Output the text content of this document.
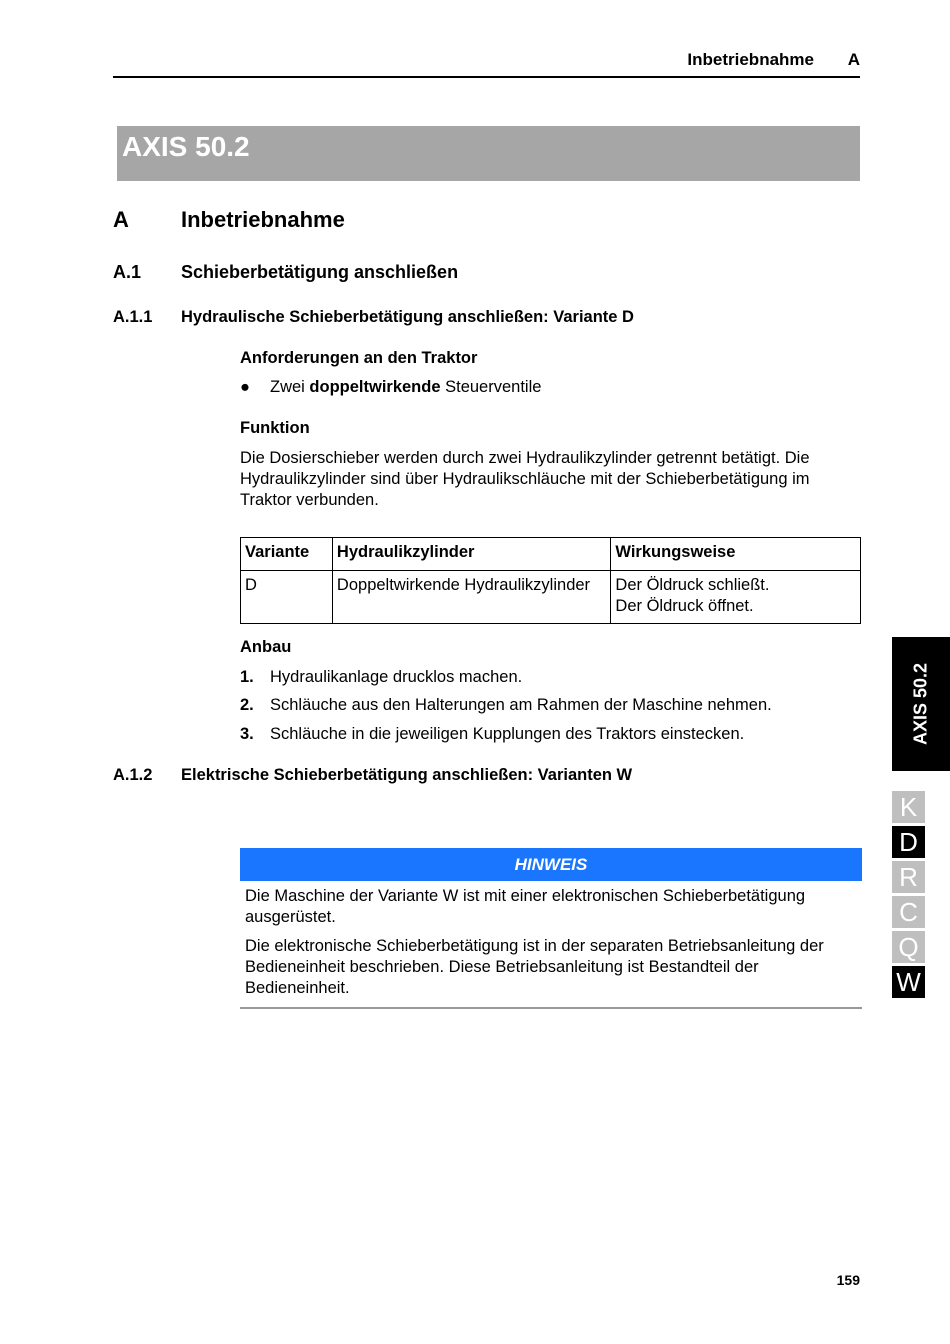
Inbetriebnahme A
AXIS 50.2
A Inbetriebnahme
A.1 Schieberbetätigung anschließen
A.1.1 Hydraulische Schieberbetätigung anschließen: Variante D
Anforderungen an den Traktor
● Zwei doppeltwirkende Steuerventile
Funktion
Die Dosierschieber werden durch zwei Hydraulikzylinder getrennt betätigt. Die Hydraulikzylinder sind über Hydraulikschläuche mit der Schieberbetätigung im Traktor verbunden.
Variante	Hydraulikzylinder	Wirkungsweise
D	Doppeltwirkende Hydraulikzylinder	Der Öldruck schließt.
Der Öldruck öffnet.
Anbau
1. Hydraulikanlage drucklos machen.
2. Schläuche aus den Halterungen am Rahmen der Maschine nehmen.
3. Schläuche in die jeweiligen Kupplungen des Traktors einstecken.
A.1.2 Elektrische Schieberbetätigung anschließen: Varianten W
HINWEIS

Die Maschine der Variante W ist mit einer elektronischen Schieberbetätigung ausgerüstet.

Die elektronische Schieberbetätigung ist in der separaten Betriebsanleitung der Bedieneinheit beschrieben. Diese Betriebsanleitung ist Bestandteil der Bedieneinheit.

AXIS 50.2
K
D
R
C
Q
W
159
